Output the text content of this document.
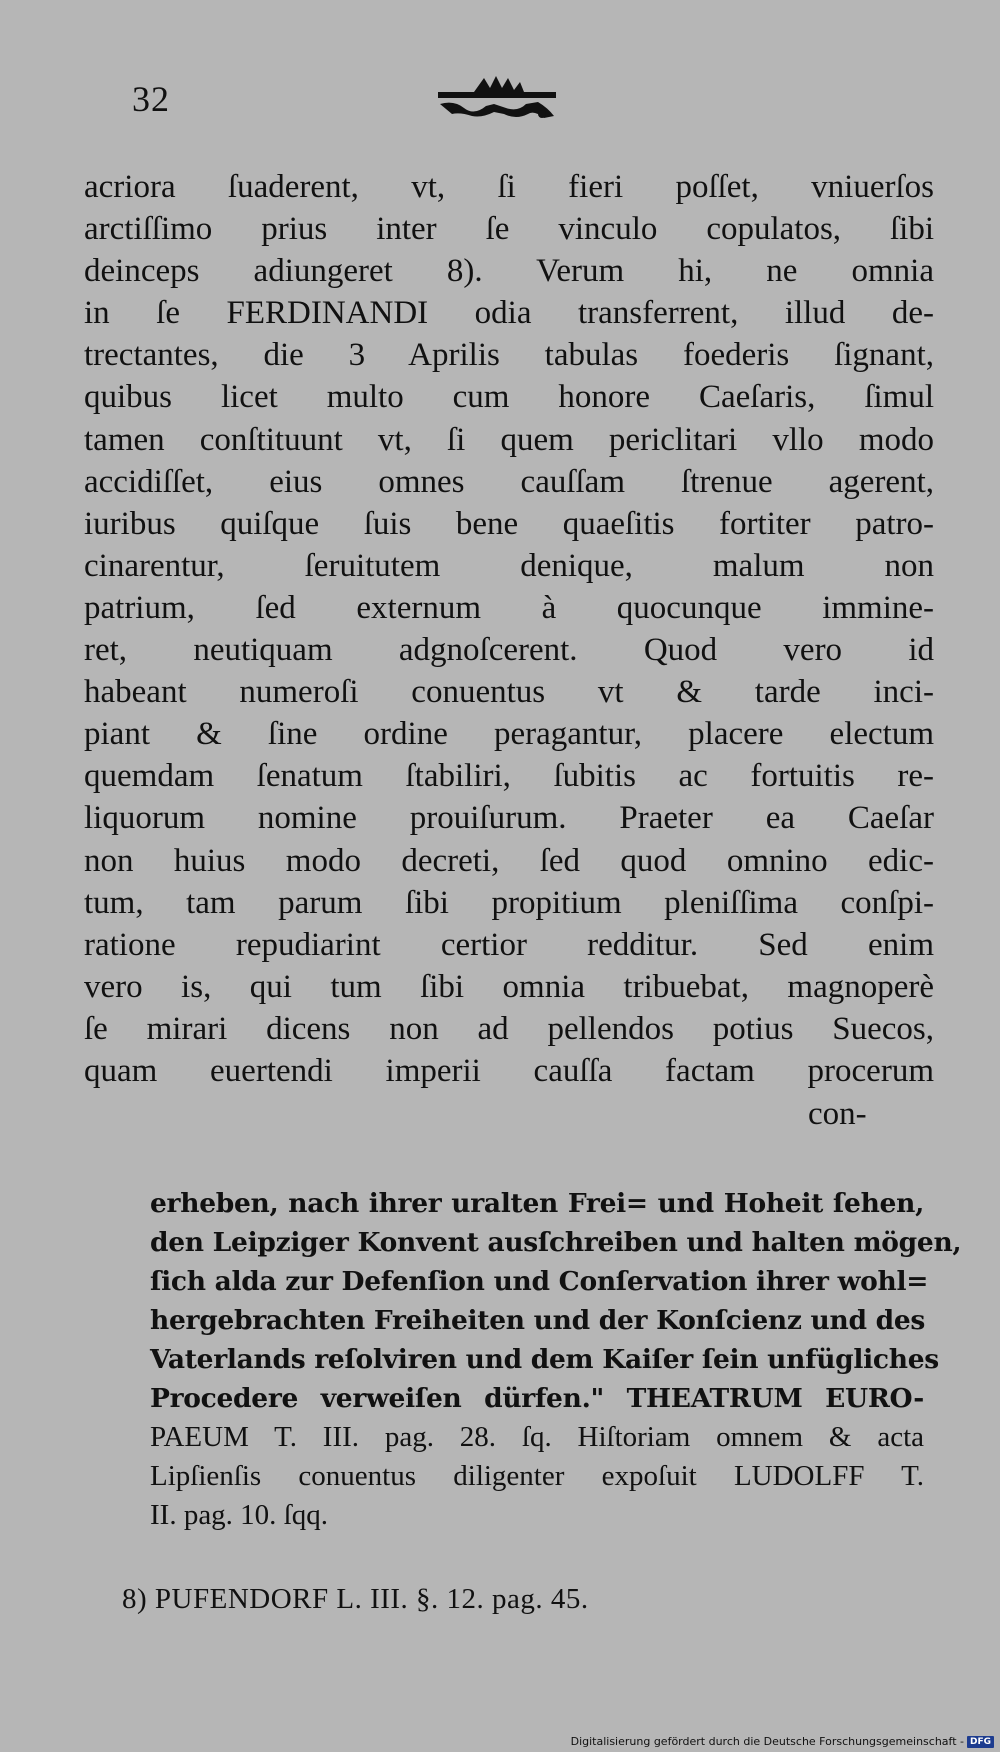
32
acriora ſuaderent, vt, ſi fieri poſſet, vniuerſos
arctiſſimo prius inter ſe vinculo copulatos, ſibi
deinceps adiungeret 8). Verum hi, ne omnia
in ſe FERDINANDI odia transferrent, illud de-
trectantes, die 3 Aprilis tabulas foederis ſignant,
quibus licet multo cum honore Caeſaris, ſimul
tamen conſtituunt vt, ſi quem periclitari vllo modo
accidiſſet, eius omnes cauſſam ſtrenue agerent,
iuribus quiſque ſuis bene quaeſitis fortiter patro-
cinarentur, ſeruitutem denique, malum non
patrium, ſed externum à quocunque immine-
ret, neutiquam adgnoſcerent. Quod vero id
habeant numeroſi conuentus vt & tarde inci-
piant & ſine ordine peragantur, placere electum
quemdam ſenatum ſtabiliri, ſubitis ac fortuitis re-
liquorum nomine prouiſurum. Praeter ea Caeſar
non huius modo decreti, ſed quod omnino edic-
tum, tam parum ſibi propitium pleniſſima conſpi-
ratione repudiarint certior redditur. Sed enim
vero is, qui tum ſibi omnia tribuebat, magnoperè
ſe mirari dicens non ad pellendos potius Suecos,
quam euertendi imperii cauſſa factam procerum
con-
erheben, nach ihrer uralten Frei= und Hoheit ſehen,
den Leipziger Konvent ausſchreiben und halten mögen,
ſich alda zur Defenſion und Conſervation ihrer wohl=
hergebrachten Freiheiten und der Konſcienz und des
Vaterlands reſolviren und dem Kaiſer ſein unfügliches
Procedere verweiſen dürfen." THEATRUM EURO-
PAEUM T. III. pag. 28. ſq. Hiſtoriam omnem & acta
Lipſienſis conuentus diligenter expoſuit LUDOLFF T.
II. pag. 10. ſqq.
8) PUFENDORF L. III. §. 12. pag. 45.
Digitalisierung gefördert durch die Deutsche Forschungsgemeinschaft - DFG
